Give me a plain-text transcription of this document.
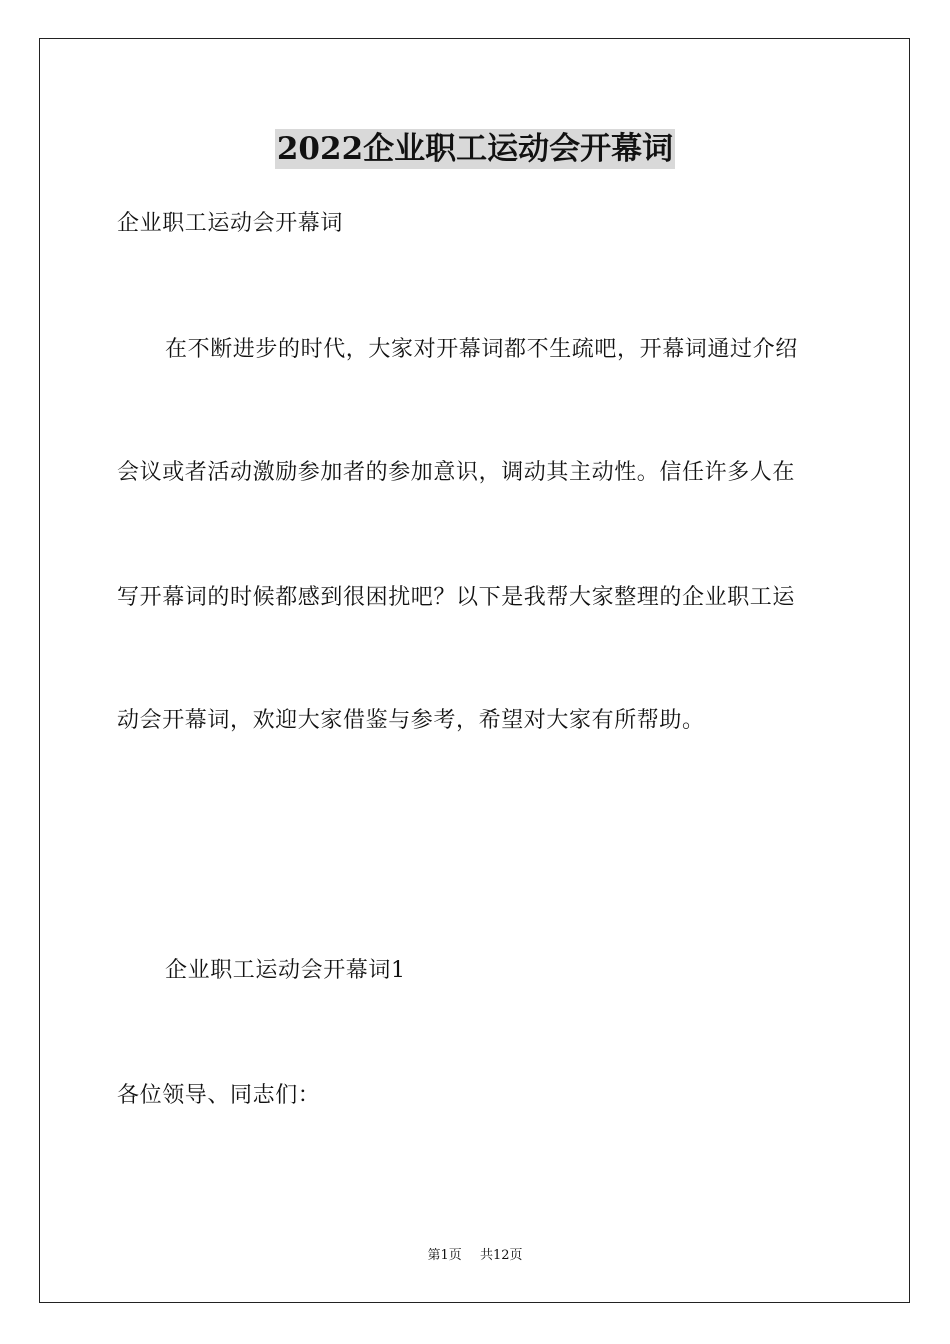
2022企业职工运动会开幕词
企业职工运动会开幕词
在不断进步的时代，大家对开幕词都不生疏吧，开幕词通过介绍
会议或者活动激励参加者的参加意识，调动其主动性。信任许多人在
写开幕词的时候都感到很困扰吧？以下是我帮大家整理的企业职工运
动会开幕词，欢迎大家借鉴与参考，希望对大家有所帮助。
企业职工运动会开幕词1
各位领导、同志们：
第1页 共12页
